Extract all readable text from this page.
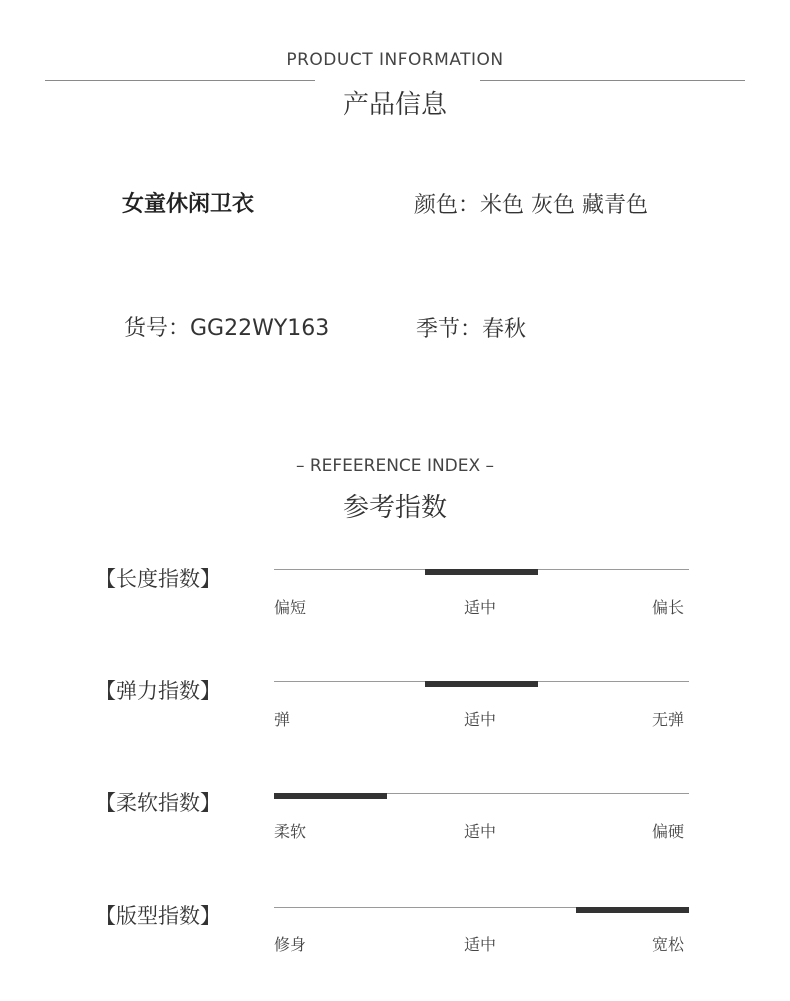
PRODUCT INFORMATION
产品信息
女童休闲卫衣	颜色：米色 灰色 藏青色
货号：GG22WY163	季节：春秋
– REFEERENCE INDEX –
参考指数
【长度指数】
偏短	适中	偏长
【弹力指数】
弹	适中	无弹
【柔软指数】
柔软	适中	偏硬
【版型指数】
修身	适中	宽松
